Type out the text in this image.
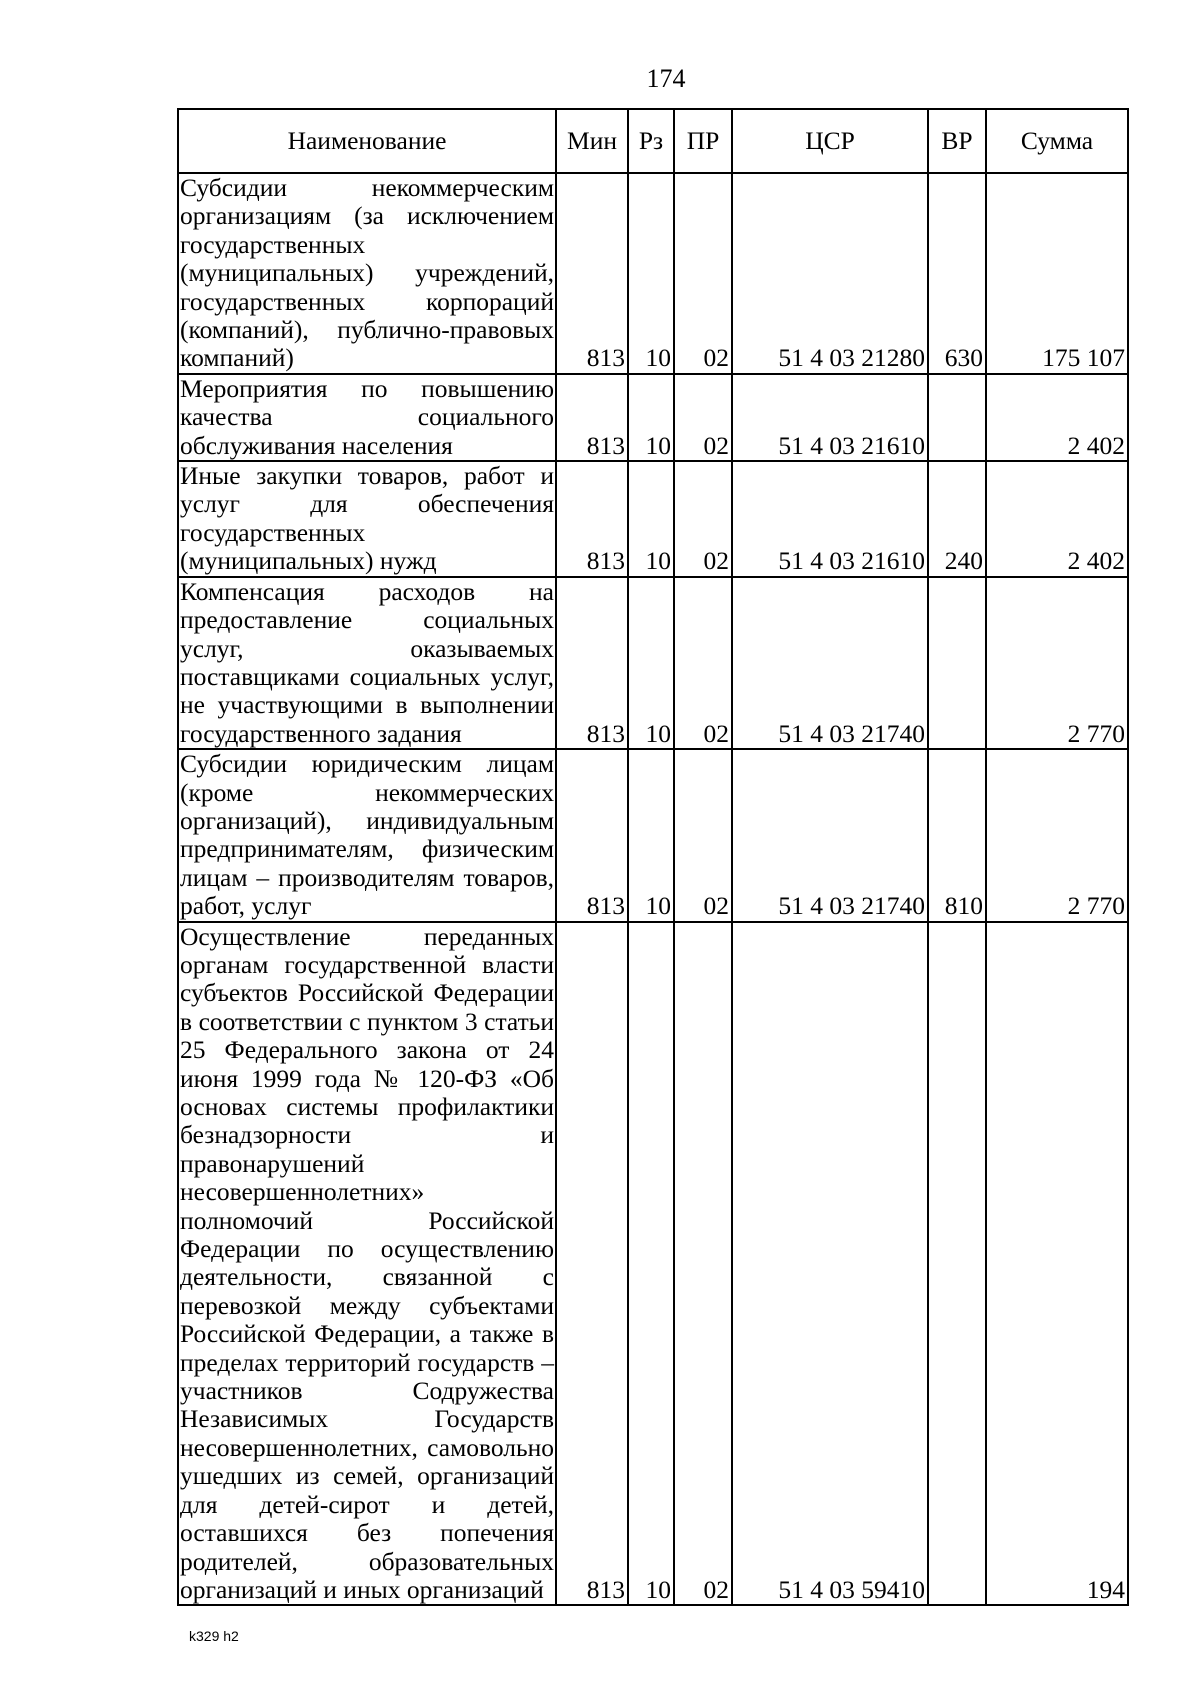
174
Наименование	Мин	Рз	ПР	ЦСР	ВР	Сумма
Субсидии некоммерческим организациям (за исключением государственных (муниципальных) учреждений, государственных корпораций (компаний), публично-правовых компаний)	813	10	02	51 4 03 21280	630	175 107
Мероприятия по повышению качества социального обслуживания населения	813	10	02	51 4 03 21610		2 402
Иные закупки товаров, работ и услуг для обеспечения государственных (муниципальных) нужд	813	10	02	51 4 03 21610	240	2 402
Компенсация расходов на предоставление социальных услуг, оказываемых поставщиками социальных услуг, не участвующими в выполнении государственного задания	813	10	02	51 4 03 21740		2 770
Субсидии юридическим лицам (кроме некоммерческих организаций), индивидуальным предпринимателям, физическим лицам – производителям товаров, работ, услуг	813	10	02	51 4 03 21740	810	2 770
Осуществление переданных органам государственной власти субъектов Российской Федерации в соответствии с пунктом 3 статьи 25 Федерального закона от 24 июня 1999 года № 120-ФЗ «Об основах системы профилактики безнадзорности и правонарушений несовершеннолетних» полномочий Российской Федерации по осуществлению деятельности, связанной с перевозкой между субъектами Российской Федерации, а также в пределах территорий государств – участников Содружества Независимых Государств несовершеннолетних, самовольно ушедших из семей, организаций для детей-сирот и детей, оставшихся без попечения родителей, образовательных организаций и иных организаций	813	10	02	51 4 03 59410		194
k329 h2
